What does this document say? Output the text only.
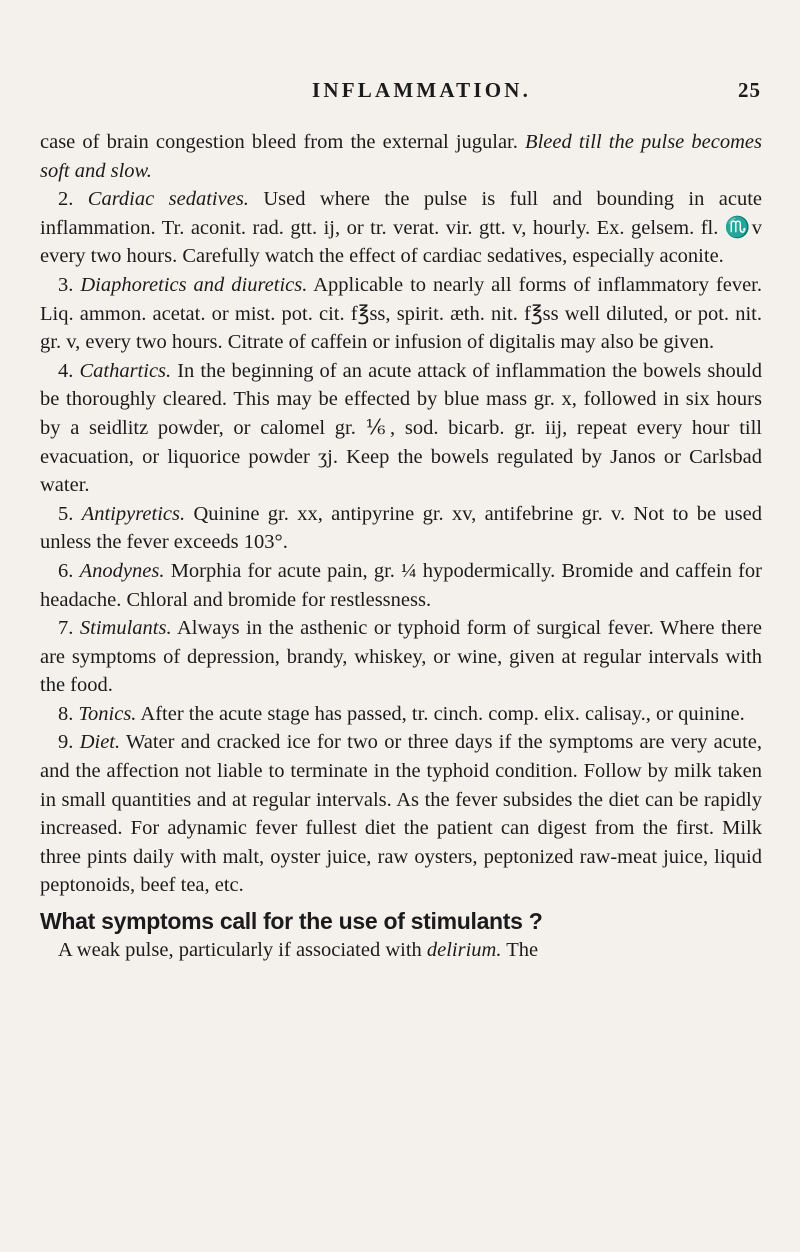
INFLAMMATION.	25

case of brain congestion bleed from the external jugular. Bleed till the pulse becomes soft and slow.

2. Cardiac sedatives. Used where the pulse is full and bounding in acute inflammation. Tr. aconit. rad. gtt. ij, or tr. verat. vir. gtt. v, hourly. Ex. gelsem. fl. ♏v every two hours. Carefully watch the effect of cardiac sedatives, especially aconite.

3. Diaphoretics and diuretics. Applicable to nearly all forms of inflammatory fever. Liq. ammon. acetat. or mist. pot. cit. f℥ss, spirit. æth. nit. f℥ss well diluted, or pot. nit. gr. v, every two hours. Citrate of caffein or infusion of digitalis may also be given.

4. Cathartics. In the beginning of an acute attack of inflammation the bowels should be thoroughly cleared. This may be effected by blue mass gr. x, followed in six hours by a seidlitz powder, or calomel gr. ⅙, sod. bicarb. gr. iij, repeat every hour till evacuation, or liquorice powder ʒj. Keep the bowels regulated by Janos or Carlsbad water.

5. Antipyretics. Quinine gr. xx, antipyrine gr. xv, antifebrine gr. v. Not to be used unless the fever exceeds 103°.

6. Anodynes. Morphia for acute pain, gr. ¼ hypodermically. Bromide and caffein for headache. Chloral and bromide for restlessness.

7. Stimulants. Always in the asthenic or typhoid form of surgical fever. Where there are symptoms of depression, brandy, whiskey, or wine, given at regular intervals with the food.

8. Tonics. After the acute stage has passed, tr. cinch. comp. elix. calisay., or quinine.

9. Diet. Water and cracked ice for two or three days if the symptoms are very acute, and the affection not liable to terminate in the typhoid condition. Follow by milk taken in small quantities and at regular intervals. As the fever subsides the diet can be rapidly increased. For adynamic fever fullest diet the patient can digest from the first. Milk three pints daily with malt, oyster juice, raw oysters, peptonized raw-meat juice, liquid peptonoids, beef tea, etc.

What symptoms call for the use of stimulants ?

A weak pulse, particularly if associated with delirium. The
